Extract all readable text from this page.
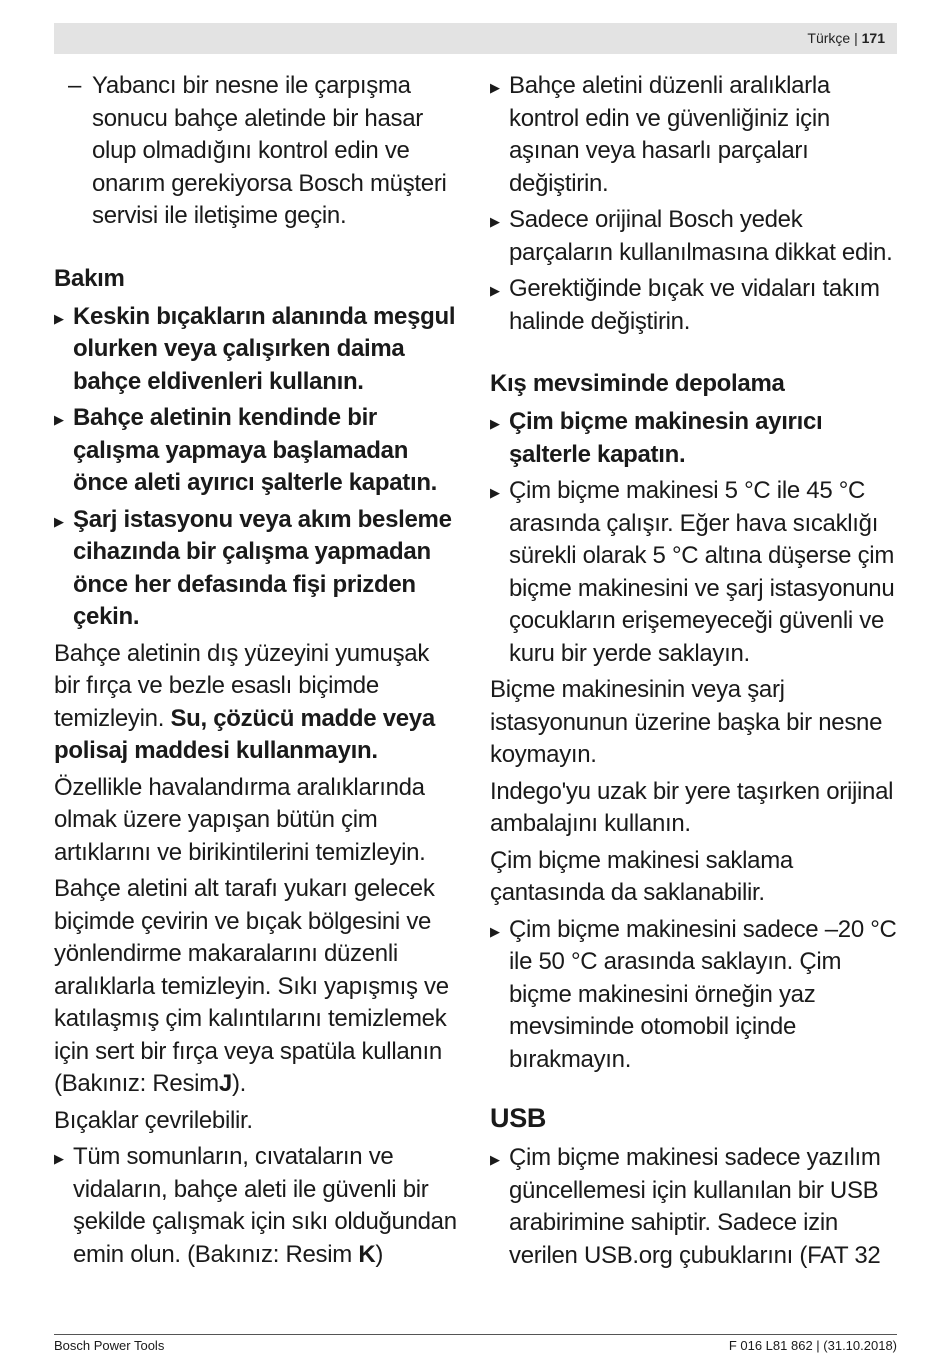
Türkçe | 171
– Yabancı bir nesne ile çarpışma sonucu bahçe aletinde bir hasar olup olmadığını kontrol edin ve onarım gerekiyorsa Bosch müşteri servisi ile iletişime geçin.
Bakım
▶
Keskin bıçakların alanında meşgul olurken veya çalışırken daima bahçe eldivenleri kullanın.
▶
Bahçe aletinin kendinde bir çalışma yapmaya başlamadan önce aleti ayırıcı şalterle kapatın.
▶
Şarj istasyonu veya akım besleme cihazında bir çalışma yapmadan önce her defasında fişi prizden çekin.

Bahçe aletinin dış yüzeyini yumuşak bir fırça ve bezle esaslı biçimde temizleyin. Su, çözücü madde veya polisaj maddesi kullanmayın.

Özellikle havalandırma aralıklarında olmak üzere yapışan bütün çim artıklarını ve birikintilerini temizleyin.

Bahçe aletini alt tarafı yukarı gelecek biçimde çevirin ve bıçak bölgesini ve yönlendirme makaralarını düzenli aralıklarla temizleyin. Sıkı yapışmış ve katılaşmış çim kalıntılarını temizlemek için sert bir fırça veya spatüla kullanın (Bakınız: ResimJ).

Bıçaklar çevrilebilir.

▶
Tüm somunların, cıvataların ve vidaların, bahçe aleti ile güvenli bir şekilde çalışmak için sıkı olduğundan emin olun. (Bakınız: Resim K)
▶
Bahçe aletini düzenli aralıklarla kontrol edin ve güvenliğiniz için aşınan veya hasarlı parçaları değiştirin.
▶
Sadece orijinal Bosch yedek parçaların kullanılmasına dikkat edin.
▶
Gerektiğinde bıçak ve vidaları takım halinde değiştirin.
Kış mevsiminde depolama
▶
Çim biçme makinesin ayırıcı şalterle kapatın.
▶
Çim biçme makinesi 5 °C ile 45 °C arasında çalışır. Eğer hava sıcaklığı sürekli olarak 5 °C altına düşerse çim biçme makinesini ve şarj istasyonunu çocukların erişemeyeceği güvenli ve kuru bir yerde saklayın.

Biçme makinesinin veya şarj istasyonunun üzerine başka bir nesne koymayın.

Indego'yu uzak bir yere taşırken orijinal ambalajını kullanın.

Çim biçme makinesi saklama çantasında da saklanabilir.

▶
Çim biçme makinesini sadece –20 °C ile 50 °C arasında saklayın. Çim biçme makinesini örneğin yaz mevsiminde otomobil içinde bırakmayın.
USB
▶
Çim biçme makinesi sadece yazılım güncellemesi için kullanılan bir USB arabirimine sahiptir. Sadece izin verilen USB.org çubuklarını (FAT 32
Bosch Power Tools	F 016 L81 862 | (31.10.2018)
